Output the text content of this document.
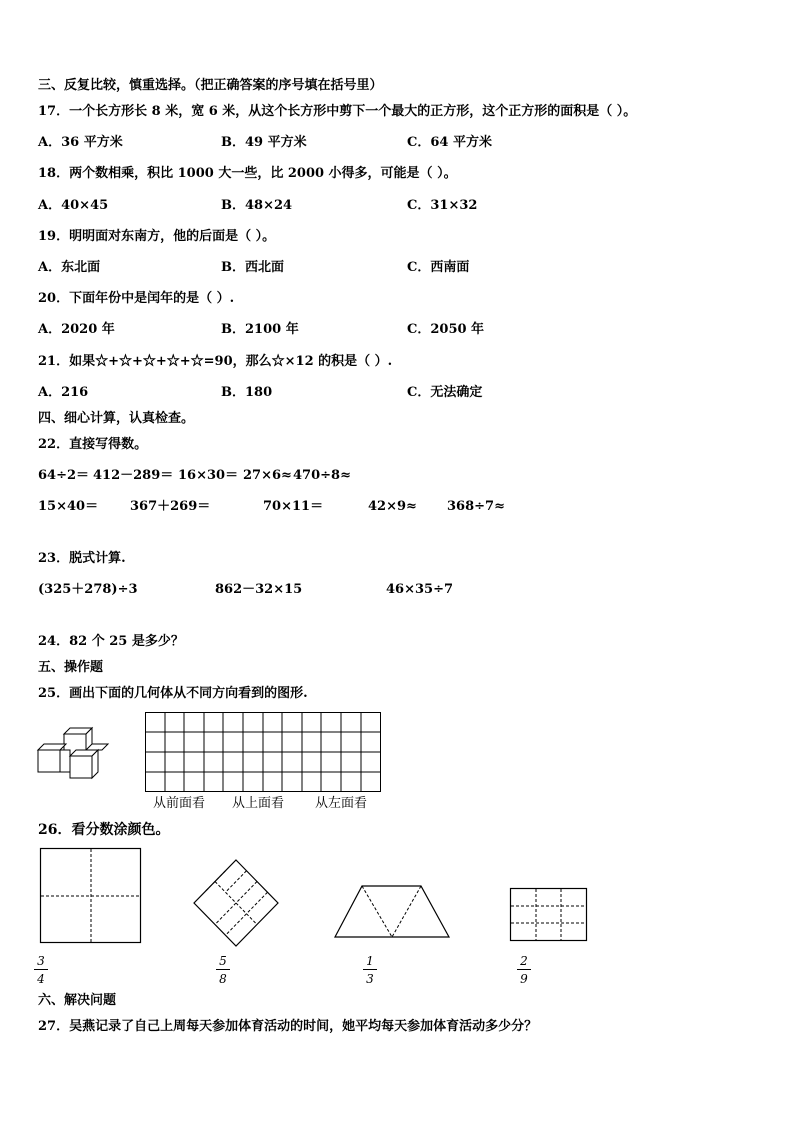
三、反复比较，慎重选择。（把正确答案的序号填在括号里）
17．一个长方形长 8 米，宽 6 米，从这个长方形中剪下一个最大的正方形，这个正方形的面积是（ ）。
A．36 平方米	B．49 平方米	C．64 平方米
18．两个数相乘，积比 1000 大一些，比 2000 小得多，可能是（ ）。
A．40×45	B．48×24	C．31×32
19．明明面对东南方，他的后面是（ ）。
A．东北面	B．西北面	C．西南面
20．下面年份中是闰年的是（ ）.
A．2020 年	B．2100 年	C．2050 年
21．如果☆+☆+☆+☆+☆=90，那么☆×12 的积是（ ）.
A．216	B．180	C．无法确定
四、细心计算，认真检查。
22．直接写得数。
64÷2＝ 412－289＝ 16×30＝ 27×6≈ 470÷8≈
15×40＝ 367＋269＝	70×11＝	42×9≈ 368÷7≈
23．脱式计算.
(325＋278)÷3	862－32×15	46×35÷7
24．82 个 25 是多少？
五、操作题
25．画出下面的几何体从不同方向看到的图形.
从前面看 从上面看 从左面看
26．看分数涂颜色。
3
4
5
8
1
3
2
9
六、解决问题
27．吴燕记录了自己上周每天参加体育活动的时间，她平均每天参加体育活动多少分？
